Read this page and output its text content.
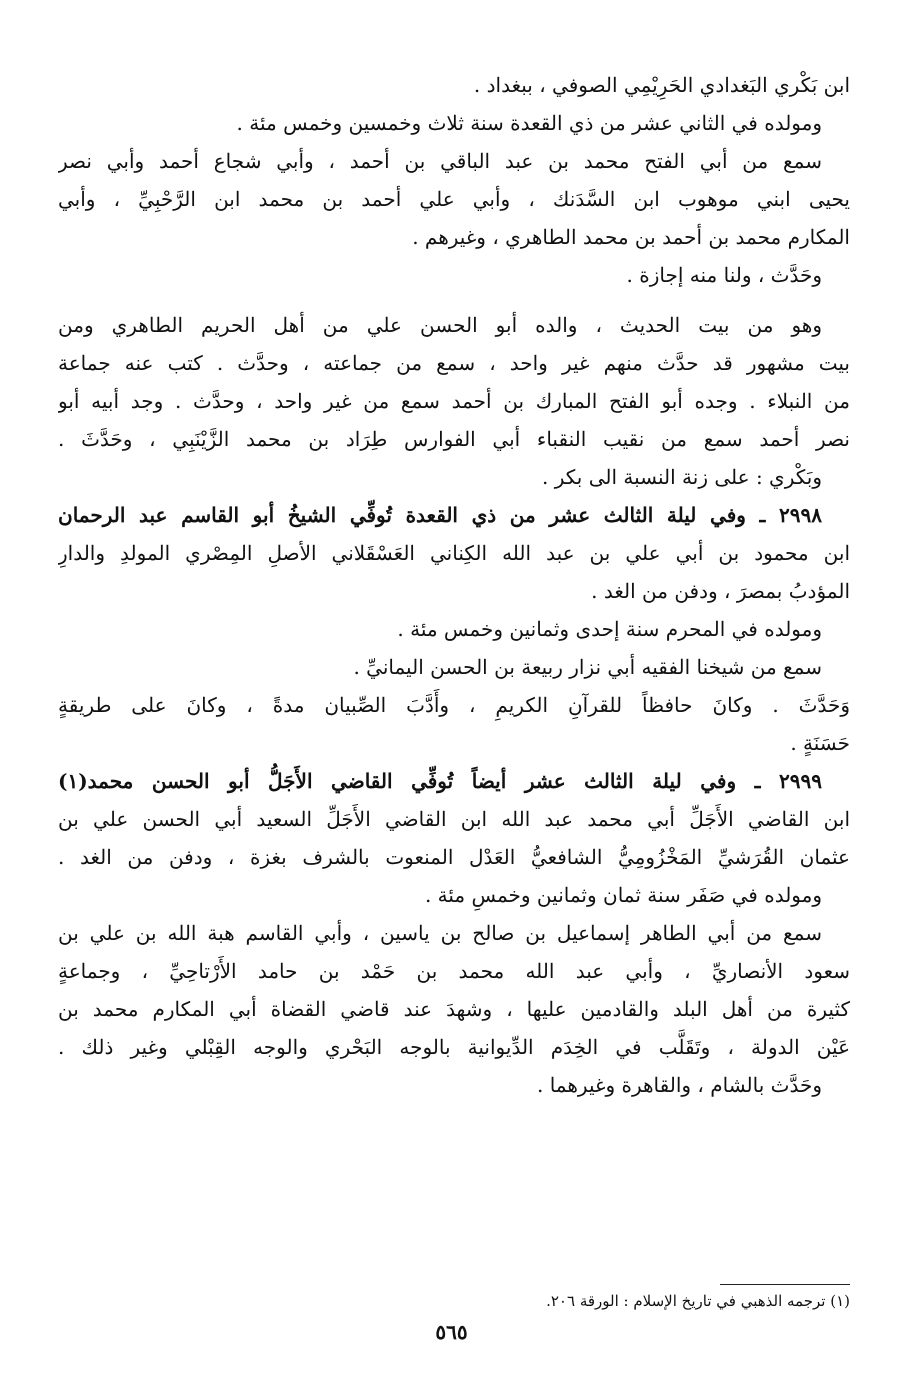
ابن بَكْري البَغدادي الحَرِيْمِي الصوفي ، ببغداد .
ومولده في الثاني عشر من ذي القعدة سنة ثلاث وخمسين وخمس مئة .
سمع من أبي الفتح محمد بن عبد الباقي بن أحمد ، وأبي شجاع أحمد وأبي نصر
يحيى ابني موهوب ابن السَّدَنك ، وأبي علي أحمد بن محمد ابن الرَّحْبِيِّ ، وأبي
المكارم محمد بن أحمد بن محمد الطاهري ، وغيرهم .
وحَدَّث ، ولنا منه إجازة .
وهو من بيت الحديث ، والده أبو الحسن علي من أهل الحريم الطاهري ومن
بيت مشهور قد حدَّث منهم غير واحد ، سمع من جماعته ، وحدَّث . كتب عنه جماعة
من النبلاء . وجده أبو الفتح المبارك بن أحمد سمع من غير واحد ، وحدَّث . وجد أبيه أبو
نصر أحمد سمع من نقيب النقباء أبي الفوارس طِرَاد بن محمد الزَّيْنَبِي ، وحَدَّثَ .
وبَكْري : على زنة النسبة الى بكر .
٢٩٩٨ ـ وفي ليلة الثالث عشر من ذي القعدة تُوفِّي الشيخُ أبو القاسم عبد الرحمان
ابن محمود بن أبي علي بن عبد الله الكِناني العَسْقَلاني الأصلِ المِصْري المولدِ والدارِ
المؤدبُ بمصرَ ، ودفن من الغد .
ومولده في المحرم سنة إحدى وثمانين وخمس مئة .
سمع من شيخنا الفقيه أبي نزار ربيعة بن الحسن اليمانيِّ .
وَحَدَّثَ . وكانَ حافظاً للقرآنِ الكريمِ ، وأَدَّبَ الصِّبيان مدةً ، وكانَ على طريقةٍ
حَسَنَةٍ .
٢٩٩٩ ـ وفي ليلة الثالث عشر أيضاً تُوفِّي القاضي الأَجَلُّ أبو الحسن محمد(١)
ابن القاضي الأَجَلِّ أبي محمد عبد الله ابن القاضي الأَجَلِّ السعيد أبي الحسن علي بن
عثمان القُرَشيِّ المَخْزُومِيُّ الشافعيُّ العَدْل المنعوت بالشرف بغزة ، ودفن من الغد .
ومولده في صَفَر سنة ثمان وثمانين وخمسِ مئة .
سمع من أبي الطاهر إسماعيل بن صالح بن ياسين ، وأبي القاسم هبة الله بن علي بن
سعود الأنصاريِّ ، وأبي عبد الله محمد بن حَمْد بن حامد الأَرْتاحِيِّ ، وجماعةٍ
كثيرة من أهل البلد والقادمين عليها ، وشهدَ عند قاضي القضاة أبي المكارم محمد بن
عَيْن الدولة ، وتَقَلَّب في الخِدَم الدِّيوانية بالوجه البَحْري والوجه القِبْلي وغير ذلك .
وحَدَّث بالشام ، والقاهرة وغيرهما .
(١) ترجمه الذهبي في تاريخ الإسلام : الورقة ٢٠٦.
٥٦٥
